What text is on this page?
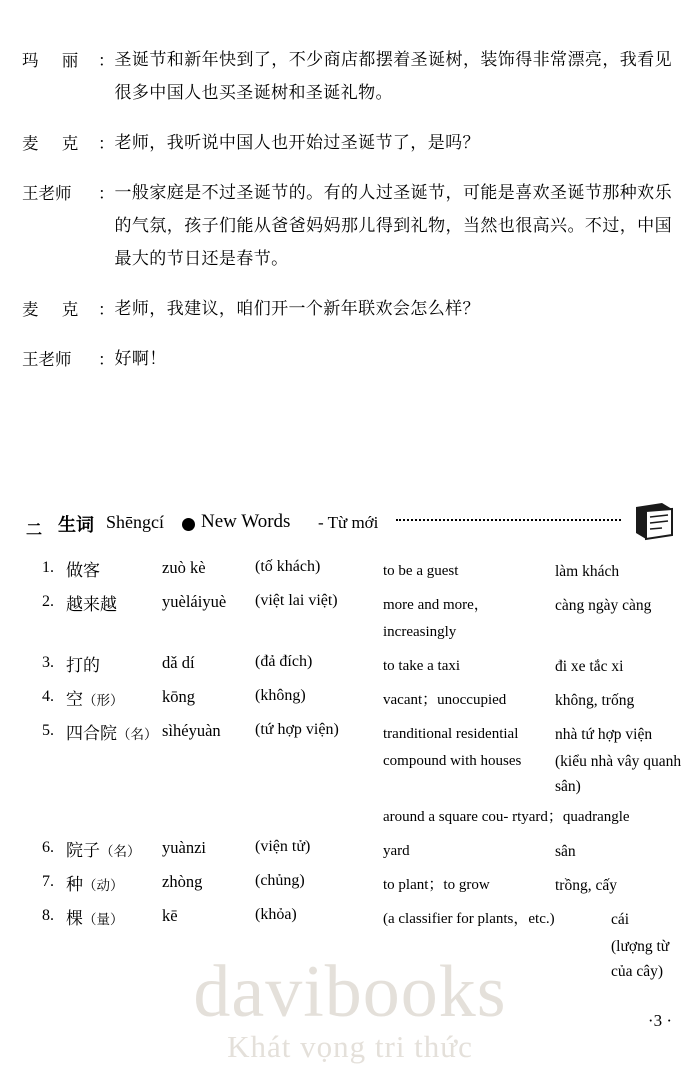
玛 丽 ： 圣诞节和新年快到了，不少商店都摆着圣诞树，装饰得非常漂亮，我看见很多中国人也买圣诞树和圣诞礼物。
麦 克 ： 老师，我听说中国人也开始过圣诞节了，是吗？
王老师	： 一般家庭是不过圣诞节的。有的人过圣诞节，可能是喜欢圣诞节那种欢乐的气氛，孩子们能从爸爸妈妈那儿得到礼物，当然也很高兴。不过，中国最大的节日还是春节。
麦 克 ： 老师，我建议，咱们开一个新年联欢会怎么样？
王老师	： 好啊！
二 生词 Shēngcí New Words - Từ mới
1. 做客	zuò kè	(tố khách)	to be a guest	làm khách
2. 越来越	yuèláiyuè	(việt lai việt)	more and more，	càng ngày càng
increasingly
3. 打的	dǎ dí	(đả đích)	to take a taxi	đi xe tắc xi
4. 空（形）	kōng	(không)	vacant；unoccupied	không, trống
5. 四合院（名） sìhéyuàn	(tứ hợp viện)	tranditional residential	nhà tứ hợp viện
compound with houses	(kiểu nhà vây quanh sân)
around a square cou- rtyard；quadrangle
6. 院子（名）	yuànzi	(viện tử)	yard	sân
7. 种（动）	zhòng	(chủng)	to plant；to grow	trồng, cấy
8. 棵（量）	kē	(khỏa)	(a classifier for plants，etc.)	cái
(lượng từ của cây)
davibooks
Khát vọng tri thức
·3 ·
